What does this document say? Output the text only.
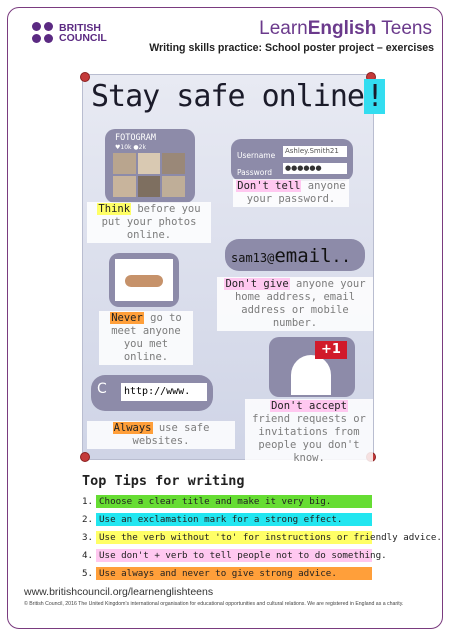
BRITISH
COUNCIL	LearnEnglish Teens
Writing skills practice: School poster project – exercises
Stay safe online!
FOTOGRAM
♥10k ●2k
Think before you put your photos online.
Username Ashley.Smith21
Password ●●●●●●
Don't tell anyone your password.
sam13@email..
Don't give anyone your home address, email address or mobile number.
Never go to meet anyone you met online.
C	http://www.
Always use safe websites.
+1
Don't accept friend requests or invitations from people you don't know.
Top Tips for writing
1. Choose a clear title and make it very big.
2. Use an exclamation mark for a strong effect.
3. Use the verb without 'to' for instructions or friendly advice.
4. Use don't + verb to tell people not to do something.
5. Use always and never to give strong advice.
www.britishcouncil.org/learnenglishteens
© British Council, 2016 The United Kingdom's international organisation for educational opportunities and cultural relations. We are registered in England as a charity.
